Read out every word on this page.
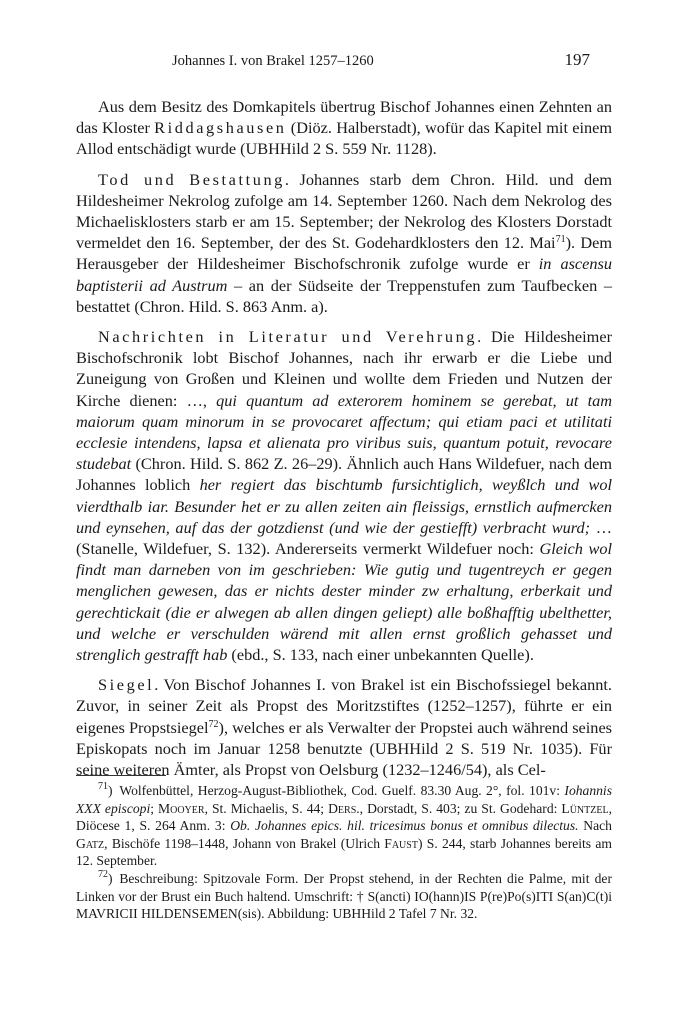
Johannes I. von Brakel 1257–1260	197

Aus dem Besitz des Domkapitels übertrug Bischof Johannes einen Zehnten an das Kloster Riddagshausen (Diöz. Halberstadt), wofür das Kapitel mit einem Allod entschädigt wurde (UBHHild 2 S. 559 Nr. 1128).

Tod und Bestattung. Johannes starb dem Chron. Hild. und dem Hildesheimer Nekrolog zufolge am 14. September 1260. Nach dem Nekrolog des Michaelisklosters starb er am 15. September; der Nekrolog des Klosters Dorstadt vermeldet den 16. September, der des St. Godehardklosters den 12. Mai$^{71}$). Dem Herausgeber der Hildesheimer Bischofschronik zufolge wurde er in ascensu baptisterii ad Austrum – an der Südseite der Treppenstufen zum Taufbecken – bestattet (Chron. Hild. S. 863 Anm. a).

Nachrichten in Literatur und Verehrung. Die Hildesheimer Bischofschronik lobt Bischof Johannes, nach ihr erwarb er die Liebe und Zuneigung von Großen und Kleinen und wollte dem Frieden und Nutzen der Kirche dienen: …, qui quantum ad exterorem hominem se gerebat, ut tam maiorum quam minorum in se provocaret affectum; qui etiam paci et utilitati ecclesie intendens, lapsa et alienata pro viribus suis, quantum potuit, revocare studebat (Chron. Hild. S. 862 Z. 26–29). Ähnlich auch Hans Wildefuer, nach dem Johannes loblich her regiert das bischtumb fursichtiglich, weyßlch und wol vierdthalb iar. Besunder het er zu allen zeiten ain fleissigs, ernstlich aufmercken und eynsehen, auf das der gotzdienst (und wie der gestiefft) verbracht wurd; … (Stanelle, Wildefuer, S. 132). Andererseits vermerkt Wildefuer noch: Gleich wol findt man darneben von im geschrieben: Wie gutig und tugentreych er gegen menglichen gewesen, das er nichts dester minder zw erhaltung, erberkait und gerechtickait (die er alwegen ab allen dingen geliept) alle boßhafftig ubelthetter, und welche er verschulden wärend mit allen ernst großlich gehasset und strenglich gestrafft hab (ebd., S. 133, nach einer unbekannten Quelle).

Siegel. Von Bischof Johannes I. von Brakel ist ein Bischofssiegel bekannt. Zuvor, in seiner Zeit als Propst des Moritzstiftes (1252–1257), führte er ein eigenes Propstsiegel$^{72}$), welches er als Verwalter der Propstei auch während seines Episkopats noch im Januar 1258 benutzte (UBHHild 2 S. 519 Nr. 1035). Für seine weiteren Ämter, als Propst von Oelsburg (1232–1246/54), als Cel-

$^{71}$) Wolfenbüttel, Herzog-August-Bibliothek, Cod. Guelf. 83.30 Aug. 2°, fol. 101v: Iohannis XXX episcopi; Mooyer, St. Michaelis, S. 44; Ders., Dorstadt, S. 403; zu St. Godehard: Lüntzel, Diöcese 1, S. 264 Anm. 3: Ob. Johannes epics. hil. tricesimus bonus et omnibus dilectus. Nach Gatz, Bischöfe 1198–1448, Johann von Brakel (Ulrich Faust) S. 244, starb Johannes bereits am 12. September.

$^{72}$) Beschreibung: Spitzovale Form. Der Propst stehend, in der Rechten die Palme, mit der Linken vor der Brust ein Buch haltend. Umschrift: † S(ancti) IO(hann)IS P(re)Po(s)ITI S(an)C(t)i MAVRICII HILDENSEMEN(sis). Abbildung: UBHHild 2 Tafel 7 Nr. 32.
